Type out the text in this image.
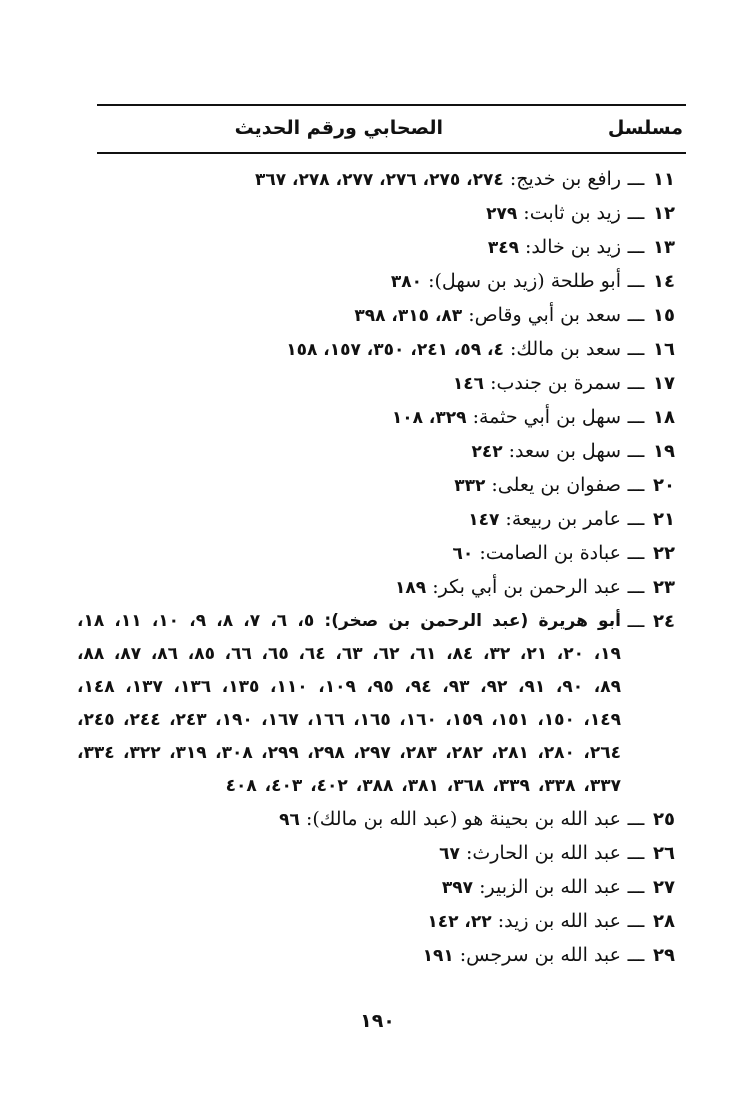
مسلسل
الصحابي ورقم الحديث
١١
ـــ
رافع بن خديج: ٢٧٤، ٢٧٥، ٢٧٦، ٢٧٧، ٢٧٨، ٣٦٧
١٢
ـــ
زيد بن ثابت: ٢٧٩
١٣
ـــ
زيد بن خالد: ٣٤٩
١٤
ـــ
أبو طلحة (زيد بن سهل): ٣٨٠
١٥
ـــ
سعد بن أبي وقاص: ٨٣، ٣١٥، ٣٩٨
١٦
ـــ
سعد بن مالك: ٤، ٥٩، ٢٤١، ٣٥٠، ١٥٧، ١٥٨
١٧
ـــ
سمرة بن جندب: ١٤٦
١٨
ـــ
سهل بن أبي حثمة: ٣٢٩، ١٠٨
١٩
ـــ
سهل بن سعد: ٢٤٢
٢٠
ـــ
صفوان بن يعلى: ٣٣٢
٢١
ـــ
عامر بن ربيعة: ١٤٧
٢٢
ـــ
عبادة بن الصامت: ٦٠
٢٣
ـــ
عبد الرحمن بن أبي بكر: ١٨٩
٢٤
ـــ
أبو هريرة (عبد الرحمن بن صخر): ٥، ٦، ٧، ٨، ٩، ١٠، ١١، ١٨، ١٩، ٢٠، ٢١، ٣٢، ٨٤، ٦١، ٦٢، ٦٣، ٦٤، ٦٥، ٦٦، ٨٥، ٨٦، ٨٧، ٨٨، ٨٩، ٩٠، ٩١، ٩٢، ٩٣، ٩٤، ٩٥، ١٠٩، ١١٠، ١٣٥، ١٣٦، ١٣٧، ١٤٨، ١٤٩، ١٥٠، ١٥١، ١٥٩، ١٦٠، ١٦٥، ١٦٦، ١٦٧، ١٩٠، ٢٤٣، ٢٤٤، ٢٤٥، ٢٦٤، ٢٨٠، ٢٨١، ٢٨٢، ٢٨٣، ٢٩٧، ٢٩٨، ٢٩٩، ٣٠٨، ٣١٩، ٣٢٢، ٣٣٤، ٣٣٧، ٣٣٨، ٣٣٩، ٣٦٨، ٣٨١، ٣٨٨، ٤٠٢، ٤٠٣، ٤٠٨
٢٥
ـــ
عبد الله بن بحينة هو (عبد الله بن مالك): ٩٦
٢٦
ـــ
عبد الله بن الحارث: ٦٧
٢٧
ـــ
عبد الله بن الزبير: ٣٩٧
٢٨
ـــ
عبد الله بن زيد: ٢٢، ١٤٢
٢٩
ـــ
عبد الله بن سرجس: ١٩١
١٩٠
